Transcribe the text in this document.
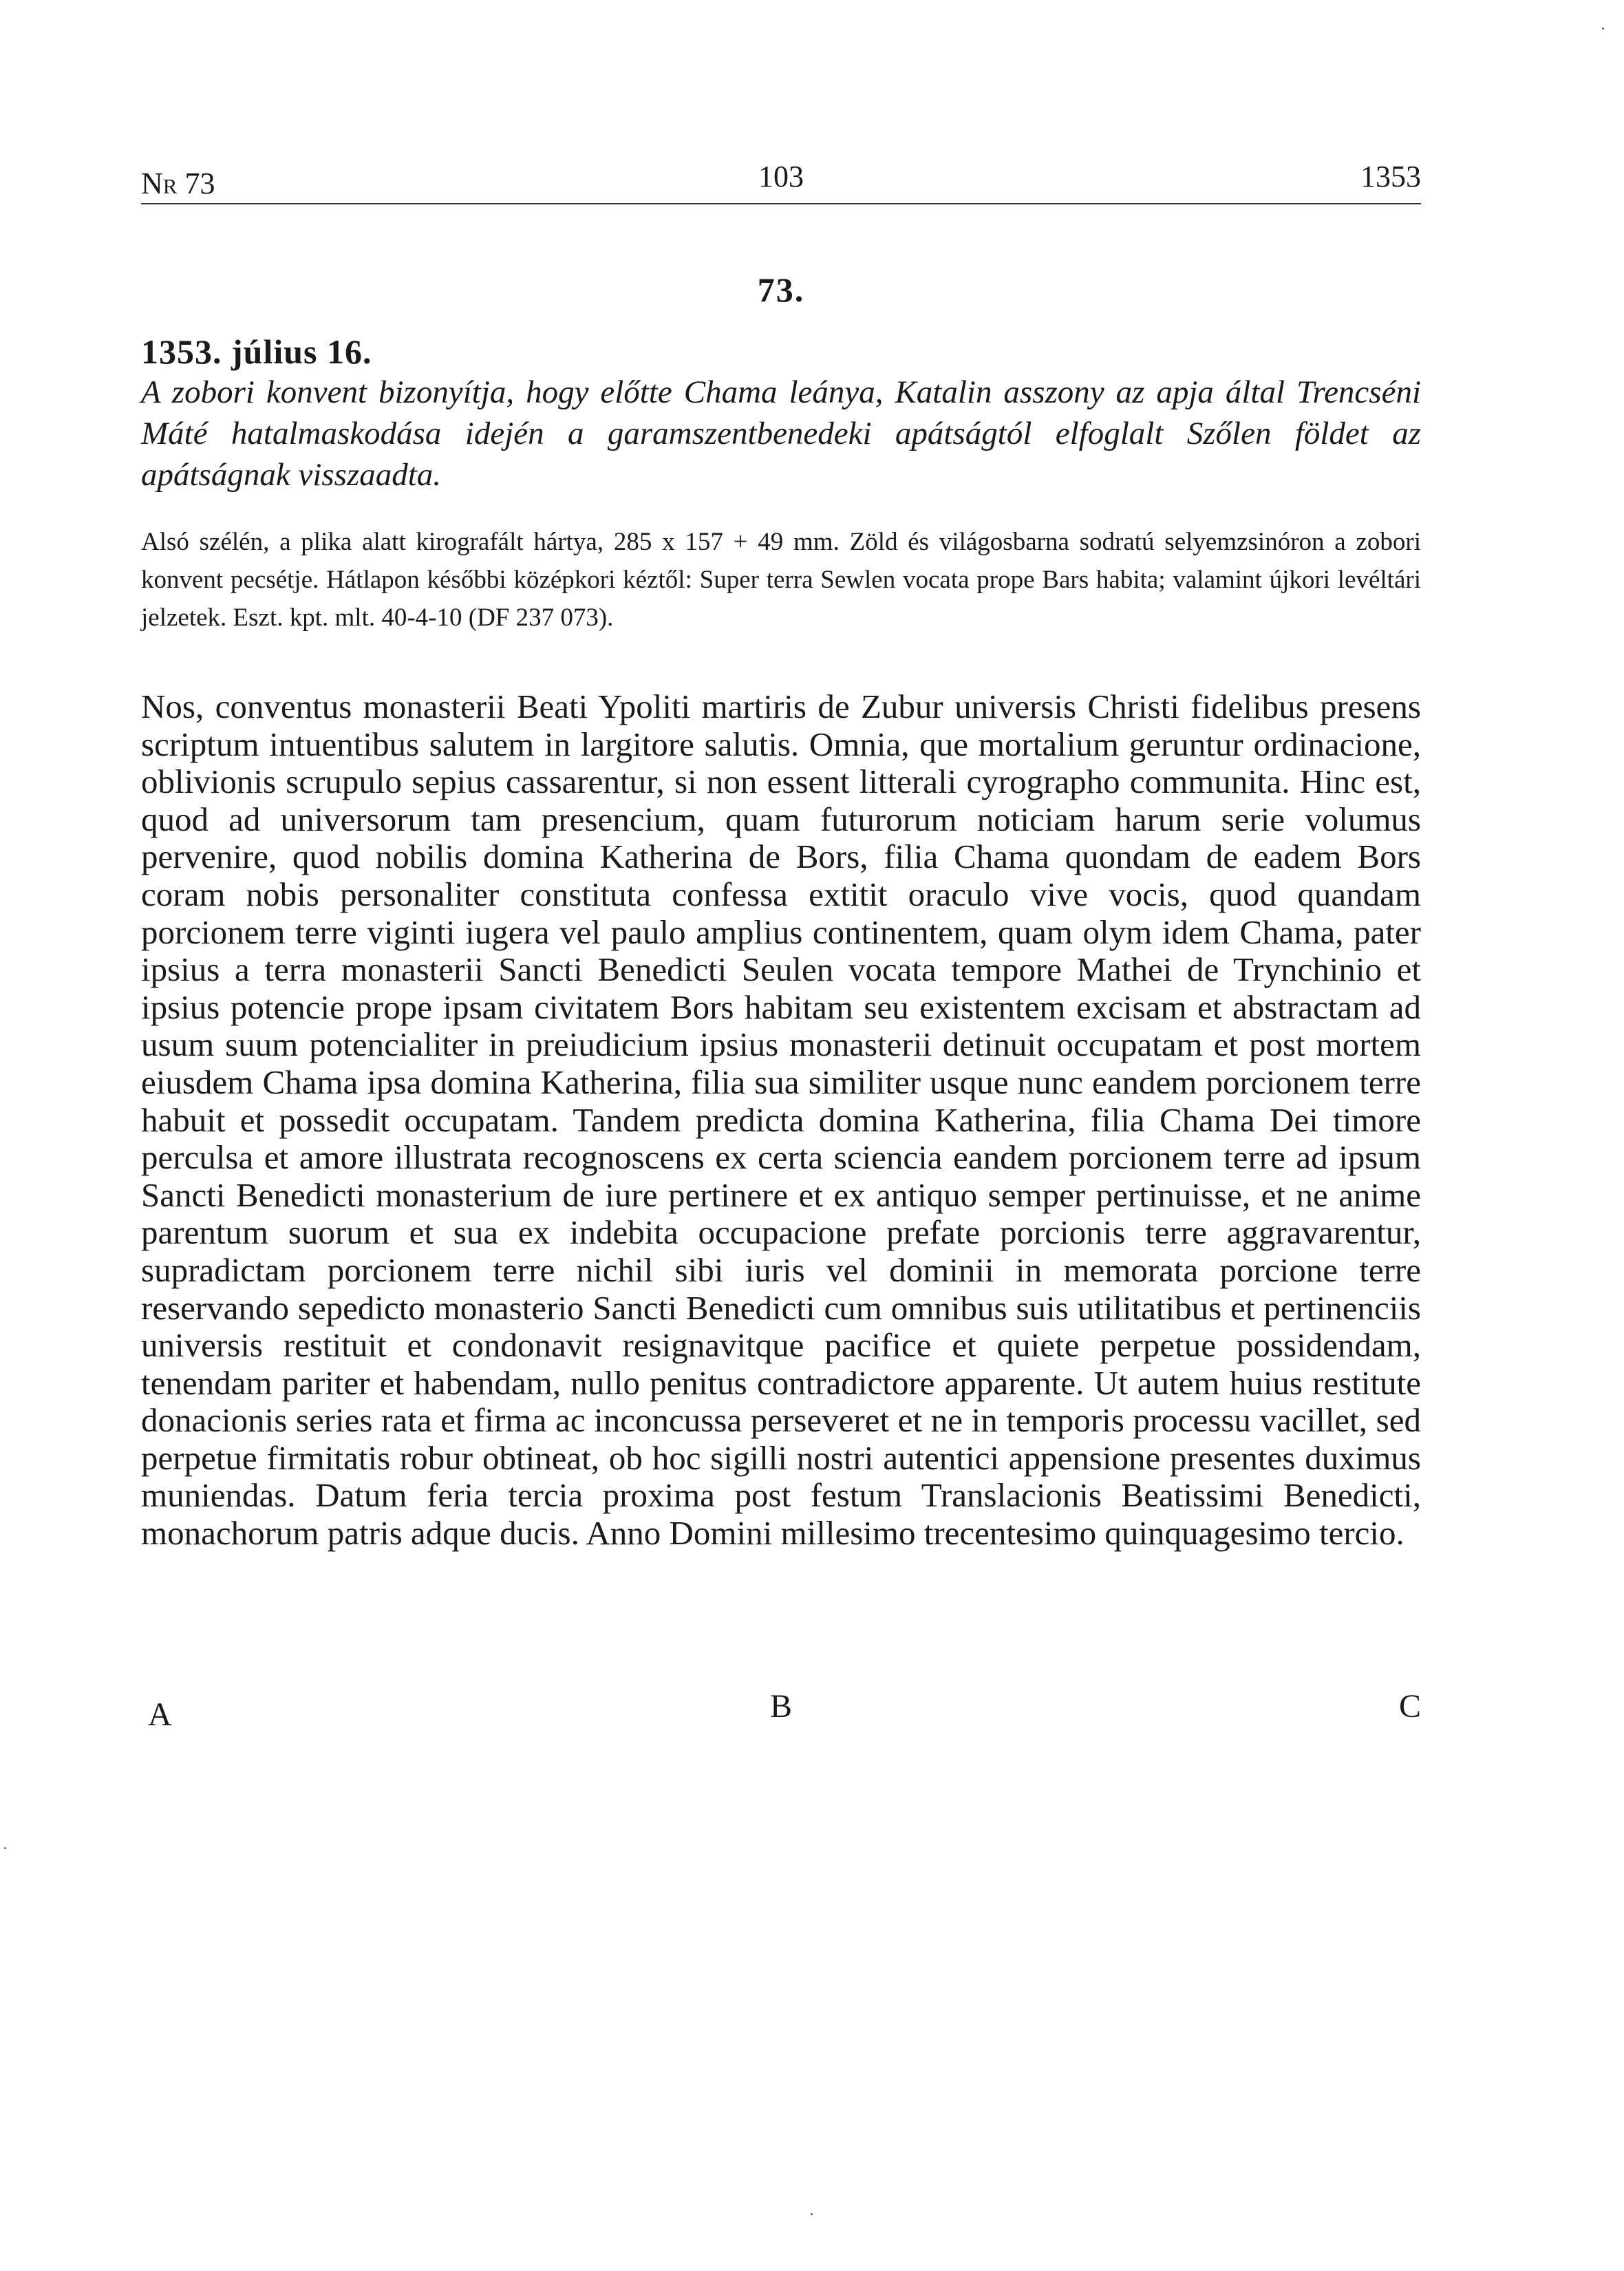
Nr 73	103	1353
73.
1353. július 16.
A zobori konvent bizonyítja, hogy előtte Chama leánya, Katalin asszony az apja által Trencséni Máté hatalmaskodása idején a garamszentbenedeki apátságtól elfoglalt Szőlen földet az apátságnak visszaadta.
Alsó szélén, a plika alatt kirografált hártya, 285 x 157 + 49 mm. Zöld és világosbarna sodratú selyemzsinóron a zobori konvent pecsétje. Hátlapon későbbi középkori kéztől: Super terra Sewlen vocata prope Bars habita; valamint újkori levéltári jelzetek. Eszt. kpt. mlt. 40-4-10 (DF 237 073).

Nos, conventus monasterii Beati Ypoliti martiris de Zubur universis Christi fidelibus presens scriptum intuentibus salutem in largitore salutis. Omnia, que mortalium geruntur ordinacione, oblivionis scrupulo sepius cassarentur, si non essent litterali cyrographo communita. Hinc est, quod ad universorum tam presencium, quam futurorum noticiam harum serie volumus pervenire, quod nobilis domina Katherina de Bors, filia Chama quondam de eadem Bors coram nobis personaliter constituta confessa extitit oraculo vive vocis, quod quandam porcionem terre viginti iugera vel paulo amplius continentem, quam olym idem Chama, pater ipsius a terra monasterii Sancti Benedicti Seulen vocata tempore Mathei de Trynchinio et ipsius potencie prope ipsam civitatem Bors habitam seu existentem excisam et abstractam ad usum suum potencialiter in preiudicium ipsius monasterii detinuit occupatam et post mortem eiusdem Chama ipsa domina Katherina, filia sua similiter usque nunc eandem porcionem terre habuit et possedit occupatam. Tandem predicta domina Katherina, filia Chama Dei timore perculsa et amore illustrata recognoscens ex certa sciencia eandem porcionem terre ad ipsum Sancti Benedicti monasterium de iure pertinere et ex antiquo semper pertinuisse, et ne anime parentum suorum et sua ex indebita occupacione prefate porcionis terre aggravarentur, supradictam porcionem terre nichil sibi iuris vel dominii in memorata porcione terre reservando sepedicto monasterio Sancti Benedicti cum omnibus suis utilitatibus et pertinenciis universis restituit et condonavit resignavitque pacifice et quiete perpetue possidendam, tenendam pariter et habendam, nullo penitus contradictore apparente. Ut autem huius restitute donacionis series rata et firma ac inconcussa perseveret et ne in temporis processu vacillet, sed perpetue firmitatis robur obtineat, ob hoc sigilli nostri autentici appensione presentes duximus muniendas. Datum feria tercia proxima post festum Translacionis Beatissimi Benedicti, monachorum patris adque ducis. Anno Domini millesimo trecentesimo quinquagesimo tercio.

A	B	C
